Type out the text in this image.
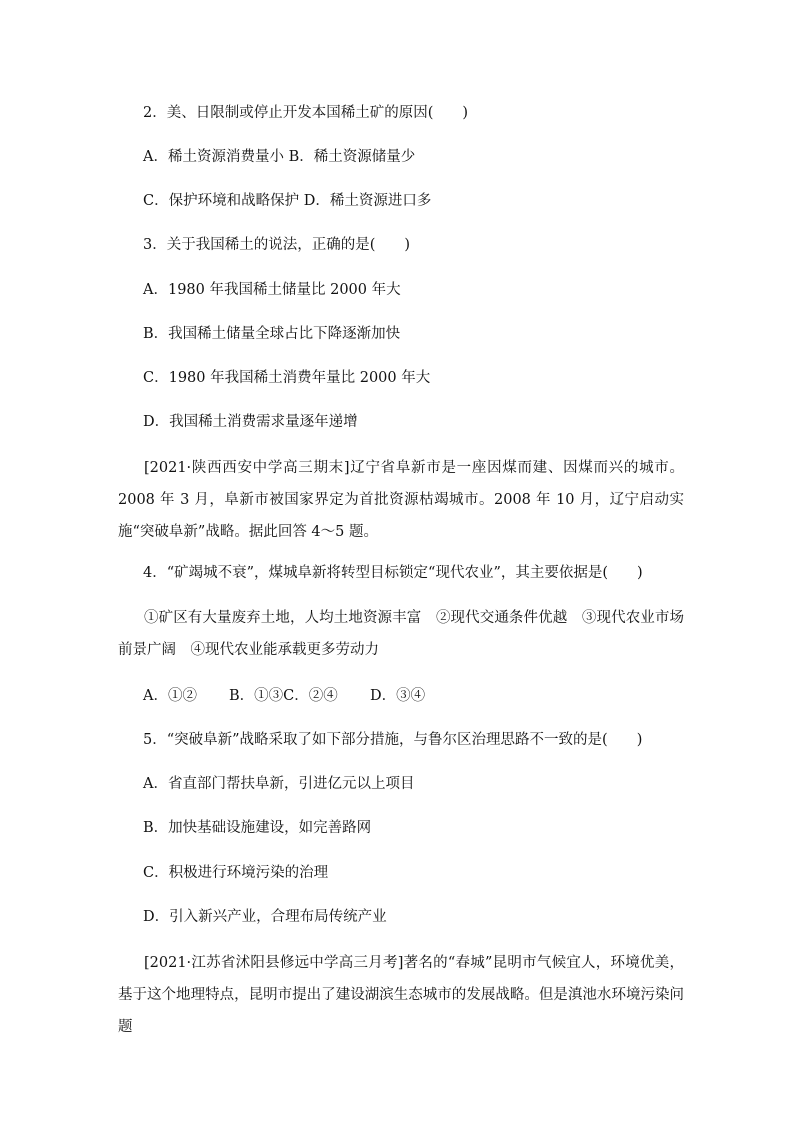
2．美、日限制或停止开发本国稀土矿的原因(　　)
A．稀土资源消费量小 B．稀土资源储量少
C．保护环境和战略保护 D．稀土资源进口多
3．关于我国稀土的说法，正确的是(　　)
A．1980 年我国稀土储量比 2000 年大
B．我国稀土储量全球占比下降逐渐加快
C．1980 年我国稀土消费年量比 2000 年大
D．我国稀土消费需求量逐年递增
[2021·陕西西安中学高三期末]辽宁省阜新市是一座因煤而建、因煤而兴的城市。2008 年 3 月，阜新市被国家界定为首批资源枯竭城市。2008 年 10 月，辽宁启动实施“突破阜新”战略。据此回答 4～5 题。
4．“矿竭城不衰”，煤城阜新将转型目标锁定“现代农业”，其主要依据是(　　)
①矿区有大量废弃土地，人均土地资源丰富　②现代交通条件优越　③现代农业市场前景广阔　④现代农业能承载更多劳动力
A．①② B．①③C．②④ D．③④
5．“突破阜新”战略采取了如下部分措施，与鲁尔区治理思路不一致的是(　　)
A．省直部门帮扶阜新，引进亿元以上项目
B．加快基础设施建设，如完善路网
C．积极进行环境污染的治理
D．引入新兴产业，合理布局传统产业
[2021·江苏省沭阳县修远中学高三月考]著名的“春城”昆明市气候宜人，环境优美，基于这个地理特点，昆明市提出了建设湖滨生态城市的发展战略。但是滇池水环境污染问题
